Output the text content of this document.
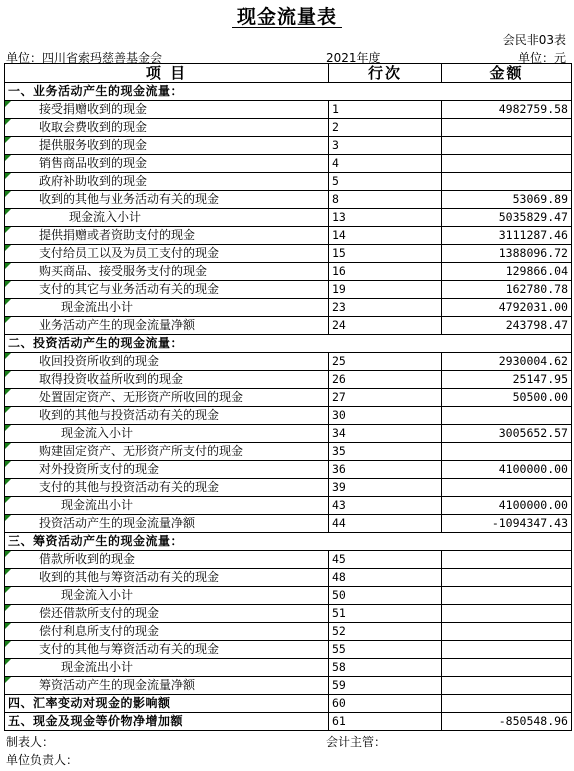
现金流量表
会民非03表
单位：四川省索玛慈善基金会	2021年度	单位：元
项 目	行次	金额
一、业务活动产生的现金流量：		

接受捐赠收到的现金	1	4982759.58

收取会费收到的现金	2	

提供服务收到的现金	3	

销售商品收到的现金	4	

政府补助收到的现金	5	

收到的其他与业务活动有关的现金	8	53069.89

现金流入小计	13	5035829.47

提供捐赠或者资助支付的现金	14	3111287.46

支付给员工以及为员工支付的现金	15	1388096.72

购买商品、接受服务支付的现金	16	129866.04

支付的其它与业务活动有关的现金	19	162780.78

现金流出小计	23	4792031.00

业务活动产生的现金流量净额	24	243798.47
二、投资活动产生的现金流量：		

收回投资所收到的现金	25	2930004.62

取得投资收益所收到的现金	26	25147.95

处置固定资产、无形资产所收回的现金	27	50500.00

收到的其他与投资活动有关的现金	30	

现金流入小计	34	3005652.57

购建固定资产、无形资产所支付的现金	35	

对外投资所支付的现金	36	4100000.00

支付的其他与投资活动有关的现金	39	

现金流出小计	43	4100000.00

投资活动产生的现金流量净额	44	-1094347.43
三、筹资活动产生的现金流量：		

借款所收到的现金	45	

收到的其他与筹资活动有关的现金	48	

现金流入小计	50	

偿还借款所支付的现金	51	

偿付利息所支付的现金	52	

支付的其他与筹资活动有关的现金	55	

现金流出小计	58	

筹资活动产生的现金流量净额	59	
四、汇率变动对现金的影响额	60	
五、现金及现金等价物净增加额	61	-850548.96
制表人：	会计主管：
单位负责人：
